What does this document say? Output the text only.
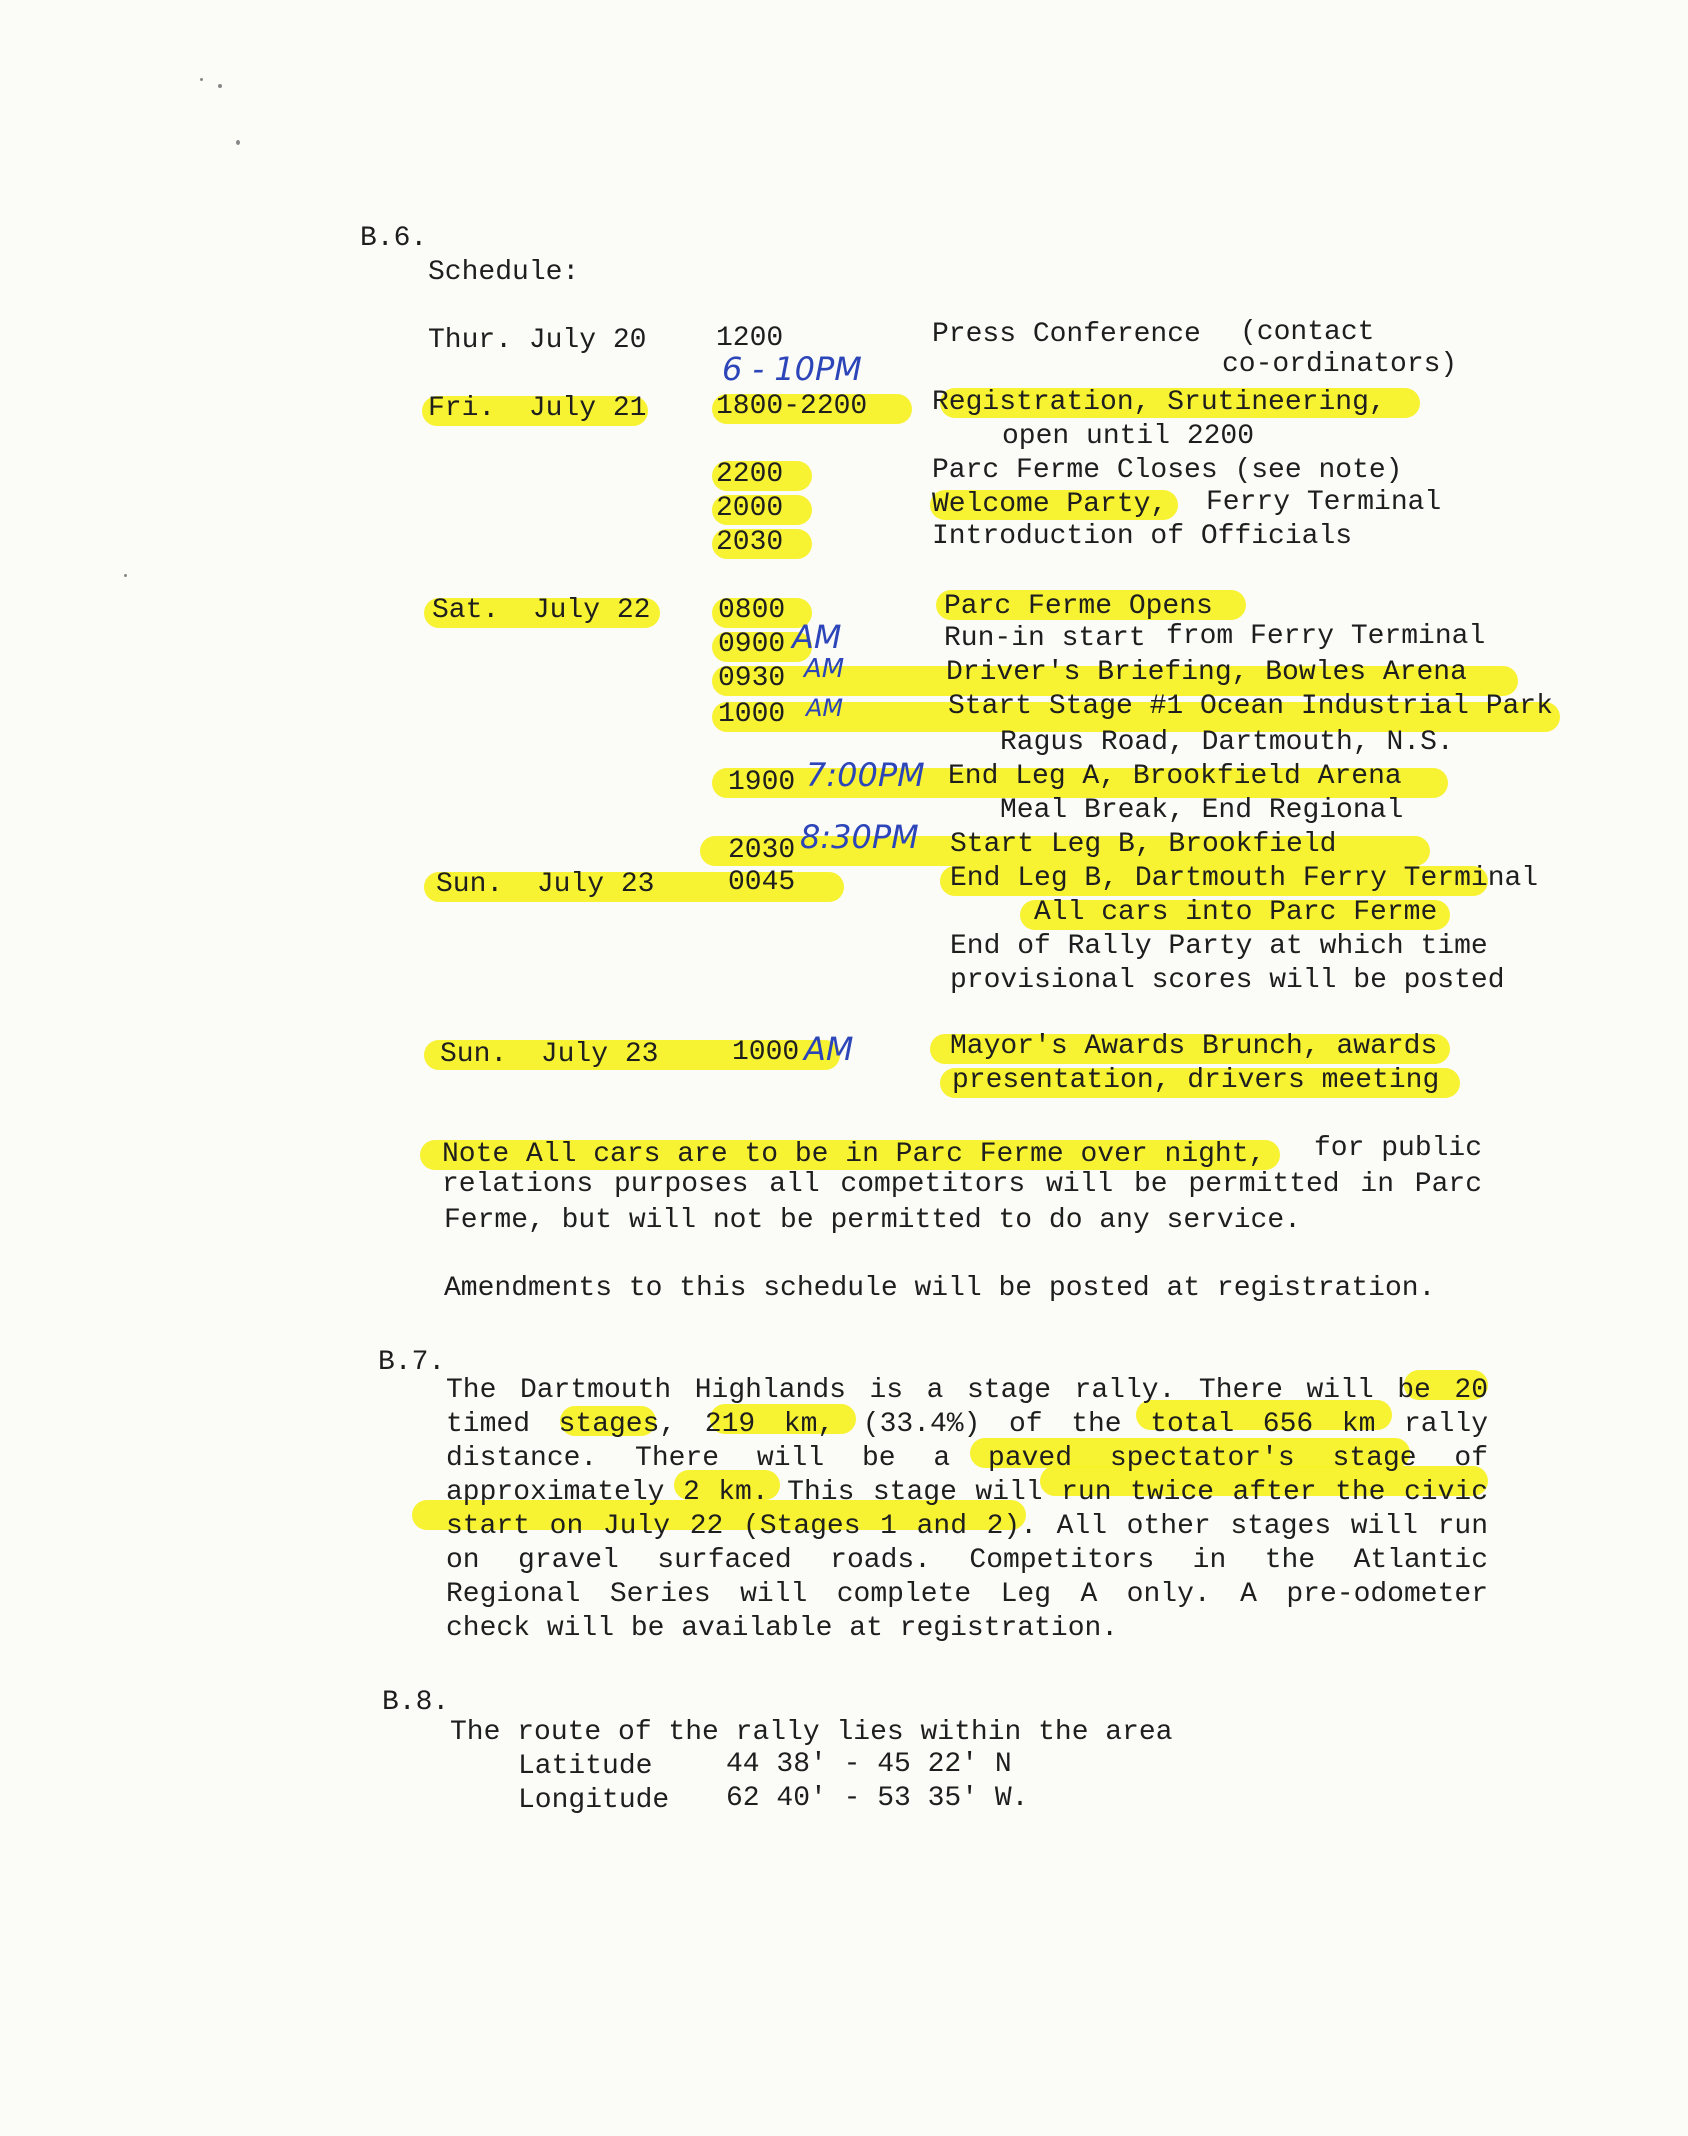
B.6.
Schedule:
Thur. July 20 1200	Press Conference (contact
co-ordinators)
6 - 10PM
Fri.  July 21 1800-2200 Registration, Srutineering,
open until 2200
2200	Parc Ferme Closes (see note)
2000	Welcome Party, Ferry Terminal
2030	Introduction of Officials
Sat.  July 22 0800	Parc Ferme Opens
0900 AM	Run-in start from Ferry Terminal
0930 AM	Driver's Briefing, Bowles Arena
1000 AM	Start Stage #1 Ocean Industrial Park
Ragus Road, Dartmouth, N.S.
1900 7:00PM End Leg A, Brookfield Arena
Meal Break, End Regional
2030 8:30PM Start Leg B, Brookfield
Sun.  July 23	0045	End Leg B, Dartmouth Ferry Terminal
All cars into Parc Ferme
End of Rally Party at which time
provisional scores will be posted
Sun.  July 23	1000 AM	Mayor's Awards Brunch, awards
presentation, drivers meeting
Note All cars are to be in Parc Ferme over night, for public
relations purposes all competitors will be permitted in Parc
Ferme, but will not be permitted to do any service.
Amendments to this schedule will be posted at registration.
B.7.
The Dartmouth Highlands is a stage rally. There will be 20
timed stages, 219 km, (33.4%) of the total 656 km rally
distance. There will be a paved spectator's stage of
approximately 2 km. This stage will run twice after the civic
start on July 22 (Stages 1 and 2). All other stages will run
on gravel surfaced roads. Competitors in the Atlantic
Regional Series will complete Leg A only. A pre-odometer
check will be available at registration.
B.8.
The route of the rally lies within the area
Latitude	44 38' - 45 22' N
Longitude 62 40' - 53 35' W.
